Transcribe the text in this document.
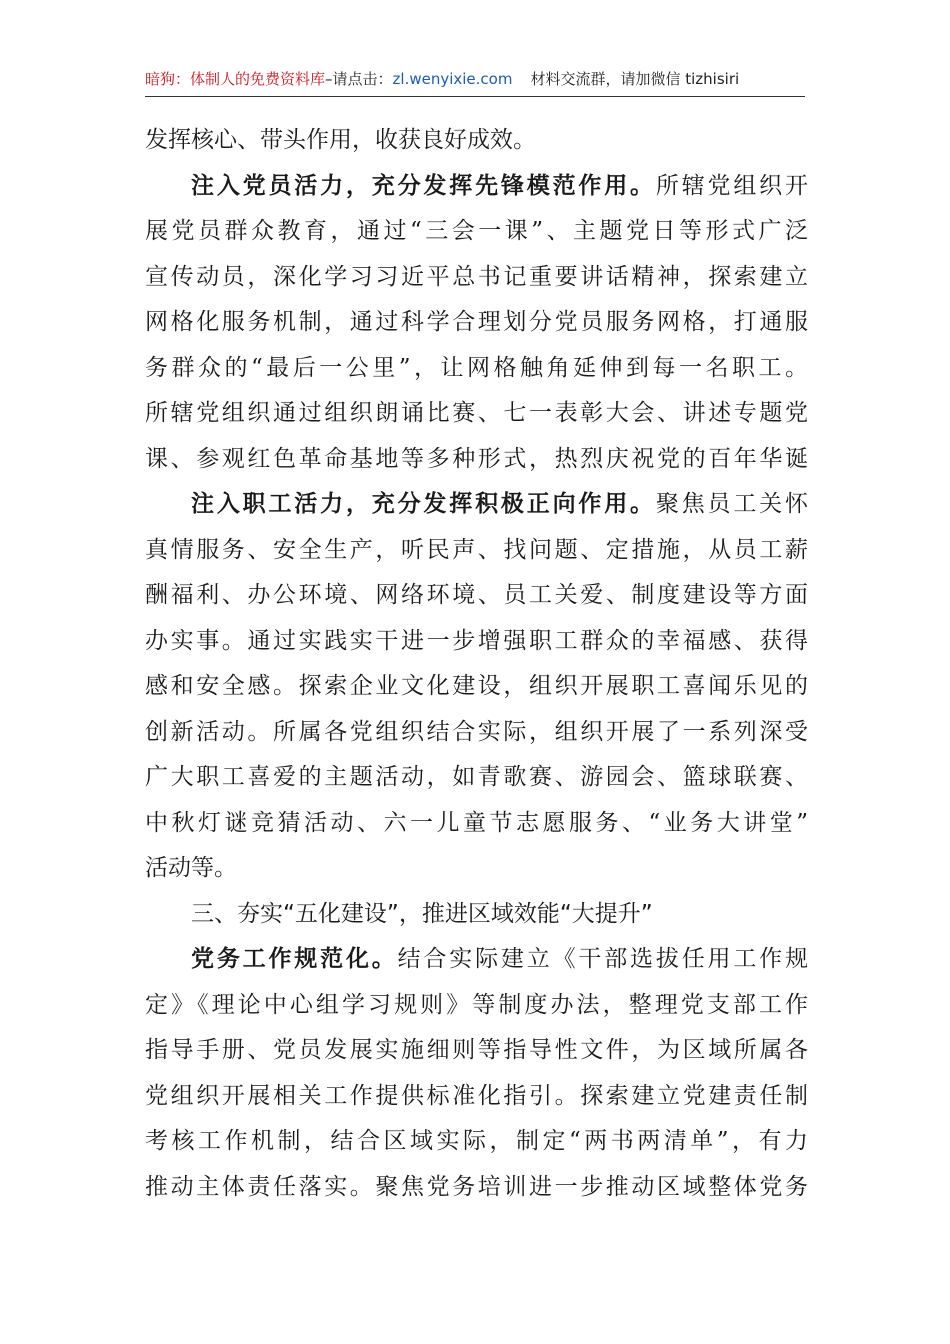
暗狗：体制人的免费资料库–请点击：zl.wenyixie.com 材料交流群，请加微信 tizhisiri
发挥核心、带头作用，收获良好成效。
注入党员活力，充分发挥先锋模范作用。所辖党组织开
展党员群众教育，通过“三会一课”、主题党日等形式广泛
宣传动员，深化学习习近平总书记重要讲话精神，探索建立
网格化服务机制，通过科学合理划分党员服务网格，打通服
务群众的“最后一公里”，让网格触角延伸到每一名职工。
所辖党组织通过组织朗诵比赛、七一表彰大会、讲述专题党
课、参观红色革命基地等多种形式，热烈庆祝党的百年华诞
注入职工活力，充分发挥积极正向作用。聚焦员工关怀
真情服务、安全生产，听民声、找问题、定措施，从员工薪
酬福利、办公环境、网络环境、员工关爱、制度建设等方面
办实事。通过实践实干进一步增强职工群众的幸福感、获得
感和安全感。探索企业文化建设，组织开展职工喜闻乐见的
创新活动。所属各党组织结合实际，组织开展了一系列深受
广大职工喜爱的主题活动，如青歌赛、游园会、篮球联赛、
中秋灯谜竞猜活动、六一儿童节志愿服务、“业务大讲堂”
活动等。
三、夯实“五化建设”，推进区域效能“大提升”
党务工作规范化。结合实际建立《干部选拔任用工作规
定》《理论中心组学习规则》等制度办法，整理党支部工作
指导手册、党员发展实施细则等指导性文件，为区域所属各
党组织开展相关工作提供标准化指引。探索建立党建责任制
考核工作机制，结合区域实际，制定“两书两清单”，有力
推动主体责任落实。聚焦党务培训进一步推动区域整体党务
